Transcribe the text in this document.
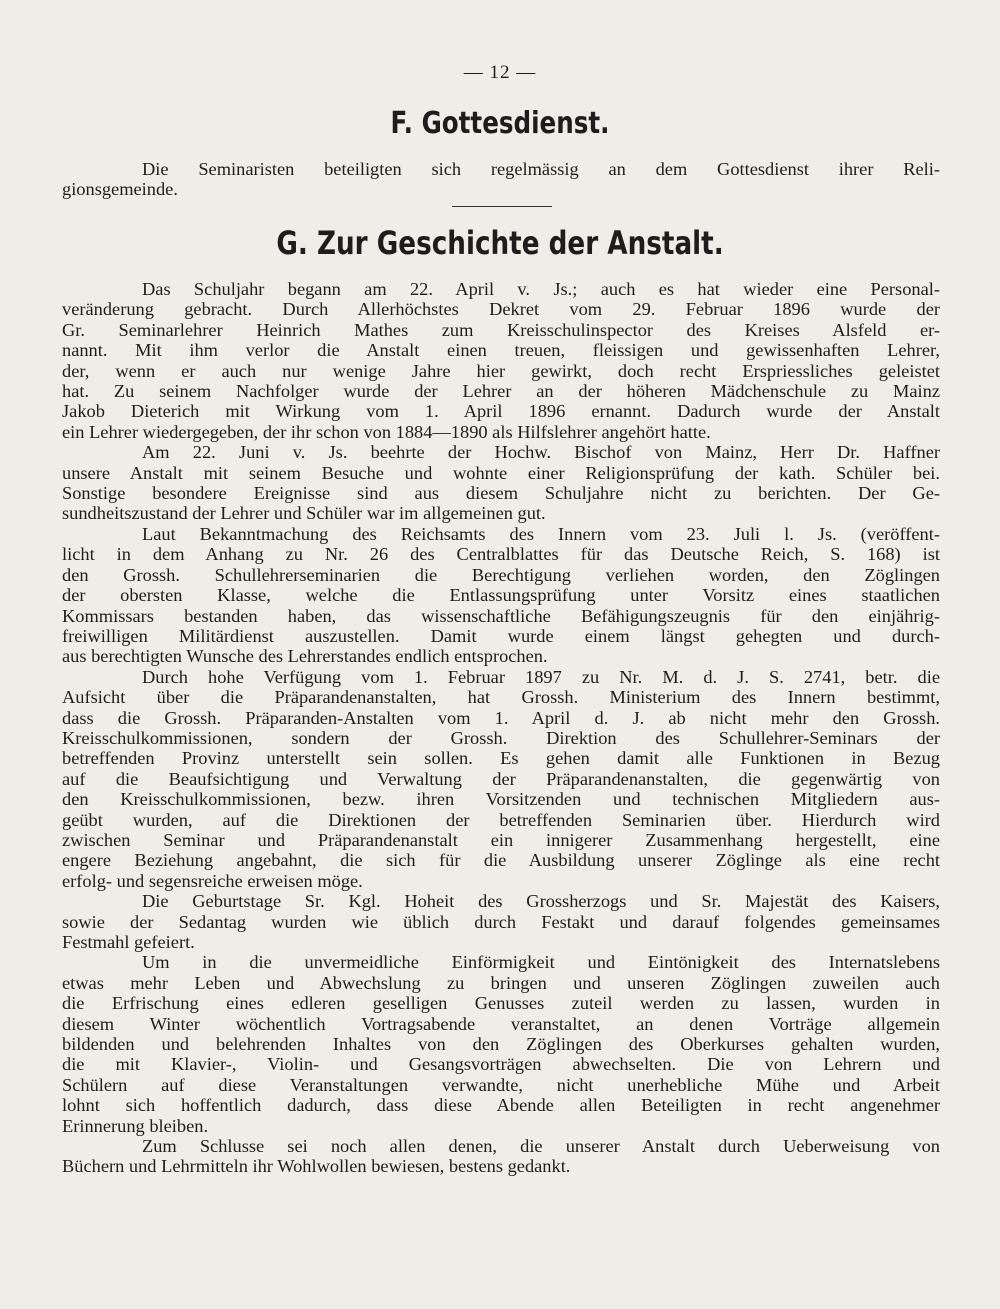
— 12 —
F. Gottesdienst.
Die Seminaristen beteiligten sich regelmässig an dem Gottesdienst ihrer Reli-
gionsgemeinde.
G. Zur Geschichte der Anstalt.
Das Schuljahr begann am 22. April v. Js.; auch es hat wieder eine Personal-
veränderung gebracht. Durch Allerhöchstes Dekret vom 29. Februar 1896 wurde der
Gr. Seminarlehrer Heinrich Mathes zum Kreisschulinspector des Kreises Alsfeld er-
nannt. Mit ihm verlor die Anstalt einen treuen, fleissigen und gewissenhaften Lehrer,
der, wenn er auch nur wenige Jahre hier gewirkt, doch recht Erspriessliches geleistet
hat. Zu seinem Nachfolger wurde der Lehrer an der höheren Mädchenschule zu Mainz
Jakob Dieterich mit Wirkung vom 1. April 1896 ernannt. Dadurch wurde der Anstalt
ein Lehrer wiedergegeben, der ihr schon von 1884—1890 als Hilfslehrer angehört hatte.
Am 22. Juni v. Js. beehrte der Hochw. Bischof von Mainz, Herr Dr. Haffner
unsere Anstalt mit seinem Besuche und wohnte einer Religionsprüfung der kath. Schüler bei.
Sonstige besondere Ereignisse sind aus diesem Schuljahre nicht zu berichten. Der Ge-
sundheitszustand der Lehrer und Schüler war im allgemeinen gut.
Laut Bekanntmachung des Reichsamts des Innern vom 23. Juli l. Js. (veröffent-
licht in dem Anhang zu Nr. 26 des Centralblattes für das Deutsche Reich, S. 168) ist
den Grossh. Schullehrerseminarien die Berechtigung verliehen worden, den Zöglingen
der obersten Klasse, welche die Entlassungsprüfung unter Vorsitz eines staatlichen
Kommissars bestanden haben, das wissenschaftliche Befähigungszeugnis für den einjährig-
freiwilligen Militärdienst auszustellen. Damit wurde einem längst gehegten und durch-
aus berechtigten Wunsche des Lehrerstandes endlich entsprochen.
Durch hohe Verfügung vom 1. Februar 1897 zu Nr. M. d. J. S. 2741, betr. die
Aufsicht über die Präparandenanstalten, hat Grossh. Ministerium des Innern bestimmt,
dass die Grossh. Präparanden-Anstalten vom 1. April d. J. ab nicht mehr den Grossh.
Kreisschulkommissionen, sondern der Grossh. Direktion des Schullehrer-Seminars der
betreffenden Provinz unterstellt sein sollen. Es gehen damit alle Funktionen in Bezug
auf die Beaufsichtigung und Verwaltung der Präparandenanstalten, die gegenwärtig von
den Kreisschulkommissionen, bezw. ihren Vorsitzenden und technischen Mitgliedern aus-
geübt wurden, auf die Direktionen der betreffenden Seminarien über. Hierdurch wird
zwischen Seminar und Präparandenanstalt ein innigerer Zusammenhang hergestellt, eine
engere Beziehung angebahnt, die sich für die Ausbildung unserer Zöglinge als eine recht
erfolg- und segensreiche erweisen möge.
Die Geburtstage Sr. Kgl. Hoheit des Grossherzogs und Sr. Majestät des Kaisers,
sowie der Sedantag wurden wie üblich durch Festakt und darauf folgendes gemeinsames
Festmahl gefeiert.
Um in die unvermeidliche Einförmigkeit und Eintönigkeit des Internatslebens
etwas mehr Leben und Abwechslung zu bringen und unseren Zöglingen zuweilen auch
die Erfrischung eines edleren geselligen Genusses zuteil werden zu lassen, wurden in
diesem Winter wöchentlich Vortragsabende veranstaltet, an denen Vorträge allgemein
bildenden und belehrenden Inhaltes von den Zöglingen des Oberkurses gehalten wurden,
die mit Klavier-, Violin- und Gesangsvorträgen abwechselten. Die von Lehrern und
Schülern auf diese Veranstaltungen verwandte, nicht unerhebliche Mühe und Arbeit
lohnt sich hoffentlich dadurch, dass diese Abende allen Beteiligten in recht angenehmer
Erinnerung bleiben.
Zum Schlusse sei noch allen denen, die unserer Anstalt durch Ueberweisung von
Büchern und Lehrmitteln ihr Wohlwollen bewiesen, bestens gedankt.
